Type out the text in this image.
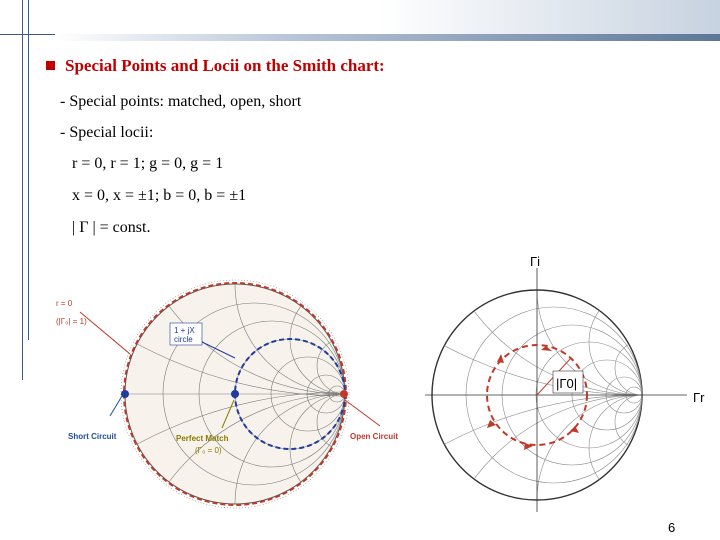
Special Points and Locii on the Smith chart:
- Special points: matched, open, short
- Special locii:
r = 0, r = 1; g = 0, g = 1
x = 0, x = ±1; b = 0, b = ±1
| Γ | = const.
r = 0
(|Γ₀| = 1)
1 + jX
circle
Short Circuit	Perfect Match
(Γ₀ = 0)
Open Circuit
|Γ0|
Γi
Γr
6
